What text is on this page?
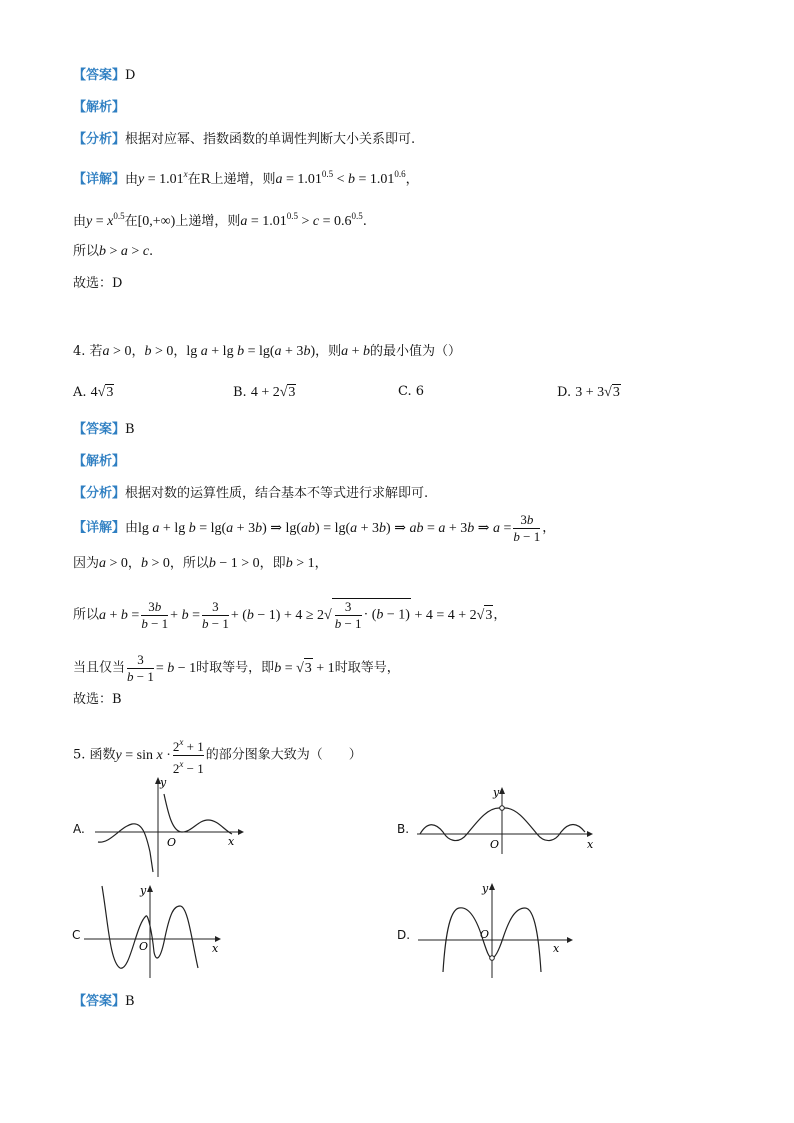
【答案】D
【解析】
【分析】根据对应幂、指数函数的单调性判断大小关系即可.
【详解】由$y = 1.01^x$在R上递增，则$a = 1.01^{0.5} < b = 1.01^{0.6}$，
由$y = x^{0.5}$在[0,+∞)上递增，则$a = 1.01^{0.5} > c = 0.6^{0.5}$.
所以b > a > c.
故选：D
4. 若a > 0，b > 0，lg a + lg b = lg(a + 3b)，则a + b的最小值为（）
A. 4√3	B. 4 + 2√3	C. 6	D. 3 + 3√3
【答案】B
【解析】
【分析】根据对数的运算性质，结合基本不等式进行求解即可.
【详解】由lg a + lg b = lg(a + 3b) ⇒ lg(ab) = lg(a + 3b) ⇒ ab = a + 3b ⇒ $a = \frac{3b}{b - 1}$ ，
因为a > 0，b > 0，所以b − 1 > 0，即b > 1，
所以$a + b = \frac{3b}{b - 1} + b = \frac{3}{b - 1} + (b - 1) + 4 \ge 2√ \frac{3}{b - 1} \cdot (b - 1) + 4 = 4 + 2√3$，
当且仅当 $\frac{3}{b - 1} = b - 1$时取等号，即b = √3 + 1时取等号，
故选：B
5. 函数$y = \sin x \cdot \frac{2^x + 1}{2^x - 1}$ 的部分图象大致为（　　）
A.
y
x
O
B.
y
x
O
C
y
x
O
D.
y
x
O
【答案】B
